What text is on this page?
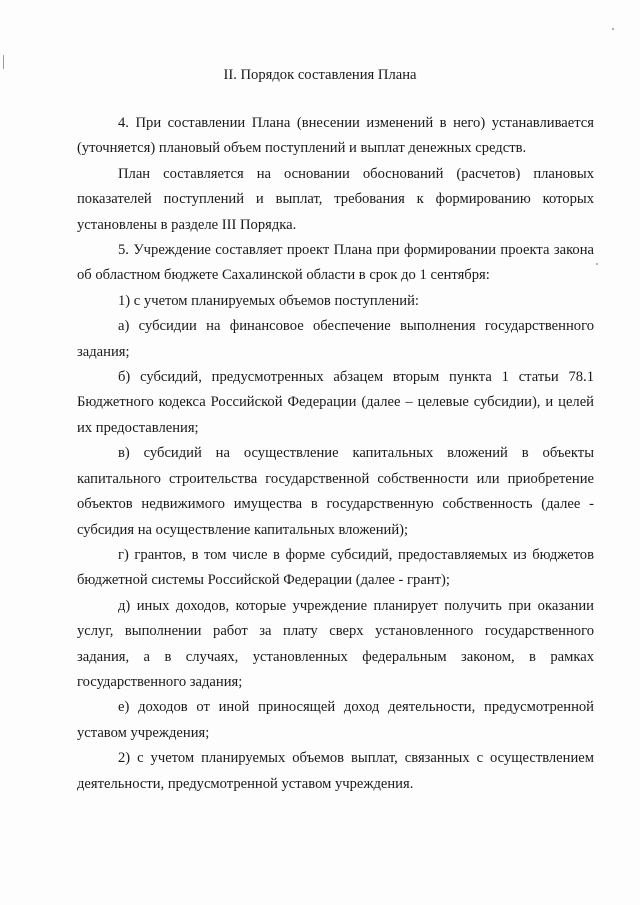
II. Порядок составления Плана

4. При составлении Плана (внесении изменений в него) устанавливается (уточняется) плановый объем поступлений и выплат денежных средств.

План составляется на основании обоснований (расчетов) плановых показателей поступлений и выплат, требования к формированию которых установлены в разделе III Порядка.

5. Учреждение составляет проект Плана при формировании проекта закона об областном бюджете Сахалинской области в срок до 1 сентября:

1) с учетом планируемых объемов поступлений:

а) субсидии на финансовое обеспечение выполнения государственного задания;

б) субсидий, предусмотренных абзацем вторым пункта 1 статьи 78.1 Бюджетного кодекса Российской Федерации (далее – целевые субсидии), и целей их предоставления;

в) субсидий на осуществление капитальных вложений в объекты капитального строительства государственной собственности или приобретение объектов недвижимого имущества в государственную собственность (далее - субсидия на осуществление капитальных вложений);

г) грантов, в том числе в форме субсидий, предоставляемых из бюджетов бюджетной системы Российской Федерации (далее - грант);

д) иных доходов, которые учреждение планирует получить при оказании услуг, выполнении работ за плату сверх установленного государственного задания, а в случаях, установленных федеральным законом, в рамках государственного задания;

е) доходов от иной приносящей доход деятельности, предусмотренной уставом учреждения;

2) с учетом планируемых объемов выплат, связанных с осуществлением деятельности, предусмотренной уставом учреждения.
